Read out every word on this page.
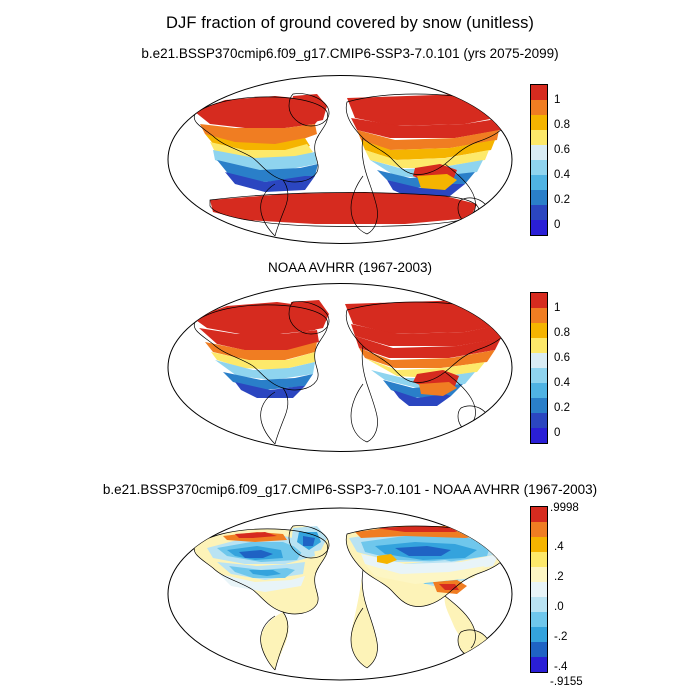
DJF fraction of ground covered by snow (unitless)
b.e21.BSSP370cmip6.f09_g17.CMIP6-SSP3-7.0.101 (yrs 2075-2099)
1
0.8
0.6
0.4
0.2
0
NOAA AVHRR (1967-2003)
1
0.8
0.6
0.4
0.2
0
b.e21.BSSP370cmip6.f09_g17.CMIP6-SSP3-7.0.101 - NOAA AVHRR (1967-2003)
.9998
.4
.2
.0
-.2
-.4
-.9155
